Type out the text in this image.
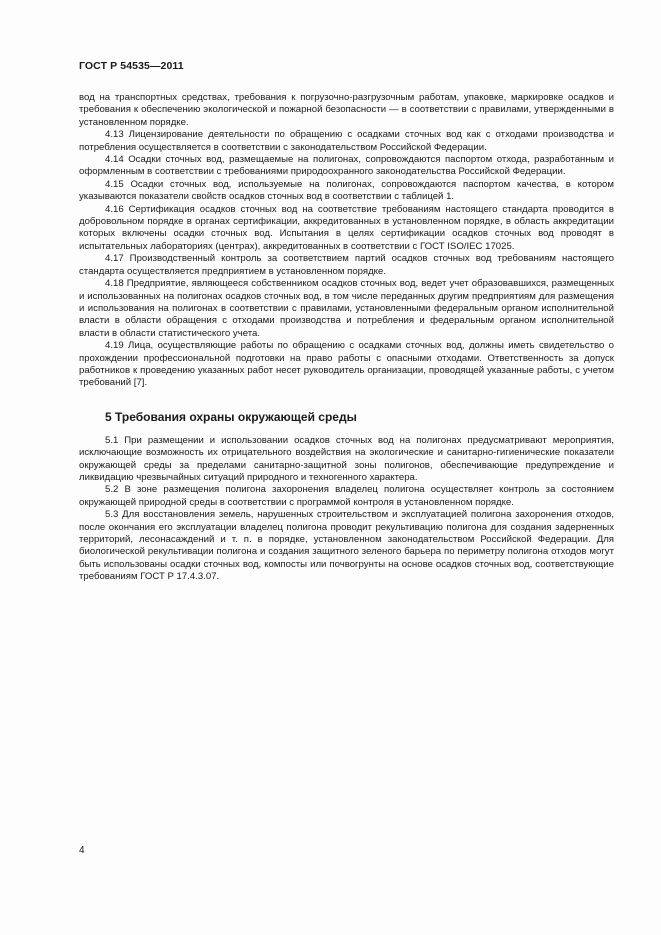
ГОСТ Р 54535—2011

вод на транспортных средствах, требования к погрузочно-разгрузочным работам, упаковке, маркировке осадков и требования к обеспечению экологической и пожарной безопасности — в соответствии с правилами, утвержденными в установленном порядке.

4.13 Лицензирование деятельности по обращению с осадками сточных вод как с отходами производства и потребления осуществляется в соответствии с законодательством Российской Федерации.

4.14 Осадки сточных вод, размещаемые на полигонах, сопровождаются паспортом отхода, разработанным и оформленным в соответствии с требованиями природоохранного законодательства Российской Федерации.

4.15 Осадки сточных вод, используемые на полигонах, сопровождаются паспортом качества, в котором указываются показатели свойств осадков сточных вод в соответствии с таблицей 1.

4.16 Сертификация осадков сточных вод на соответствие требованиям настоящего стандарта проводится в добровольном порядке в органах сертификации, аккредитованных в установленном порядке, в область аккредитации которых включены осадки сточных вод. Испытания в целях сертификации осадков сточных вод проводят в испытательных лабораториях (центрах), аккредитованных в соответствии с ГОСТ ISO/IEC 17025.

4.17 Производственный контроль за соответствием партий осадков сточных вод требованиям настоящего стандарта осуществляется предприятием в установленном порядке.

4.18 Предприятие, являющееся собственником осадков сточных вод, ведет учет образовавшихся, размещенных и использованных на полигонах осадков сточных вод, в том числе переданных другим предприятиям для размещения и использования на полигонах в соответствии с правилами, установленными федеральным органом исполнительной власти в области обращения с отходами производства и потребления и федеральным органом исполнительной власти в области статистического учета.

4.19 Лица, осуществляющие работы по обращению с осадками сточных вод, должны иметь свидетельство о прохождении профессиональной подготовки на право работы с опасными отходами. Ответственность за допуск работников к проведению указанных работ несет руководитель организации, проводящей указанные работы, с учетом требований [7].

5 Требования охраны окружающей среды

5.1 При размещении и использовании осадков сточных вод на полигонах предусматривают мероприятия, исключающие возможность их отрицательного воздействия на экологические и санитарно-гигиенические показатели окружающей среды за пределами санитарно-защитной зоны полигонов, обеспечивающие предупреждение и ликвидацию чрезвычайных ситуаций природного и техногенного характера.

5.2 В зоне размещения полигона захоронения владелец полигона осуществляет контроль за состоянием окружающей природной среды в соответствии с программой контроля в установленном порядке.

5.3 Для восстановления земель, нарушенных строительством и эксплуатацией полигона захоронения отходов, после окончания его эксплуатации владелец полигона проводит рекультивацию полигона для создания задерненных территорий, лесонасаждений и т. п. в порядке, установленном законодательством Российской Федерации. Для биологической рекультивации полигона и создания защитного зеленого барьера по периметру полигона отходов могут быть использованы осадки сточных вод, компосты или почвогрунты на основе осадков сточных вод, соответствующие требованиям ГОСТ Р 17.4.3.07.

4
